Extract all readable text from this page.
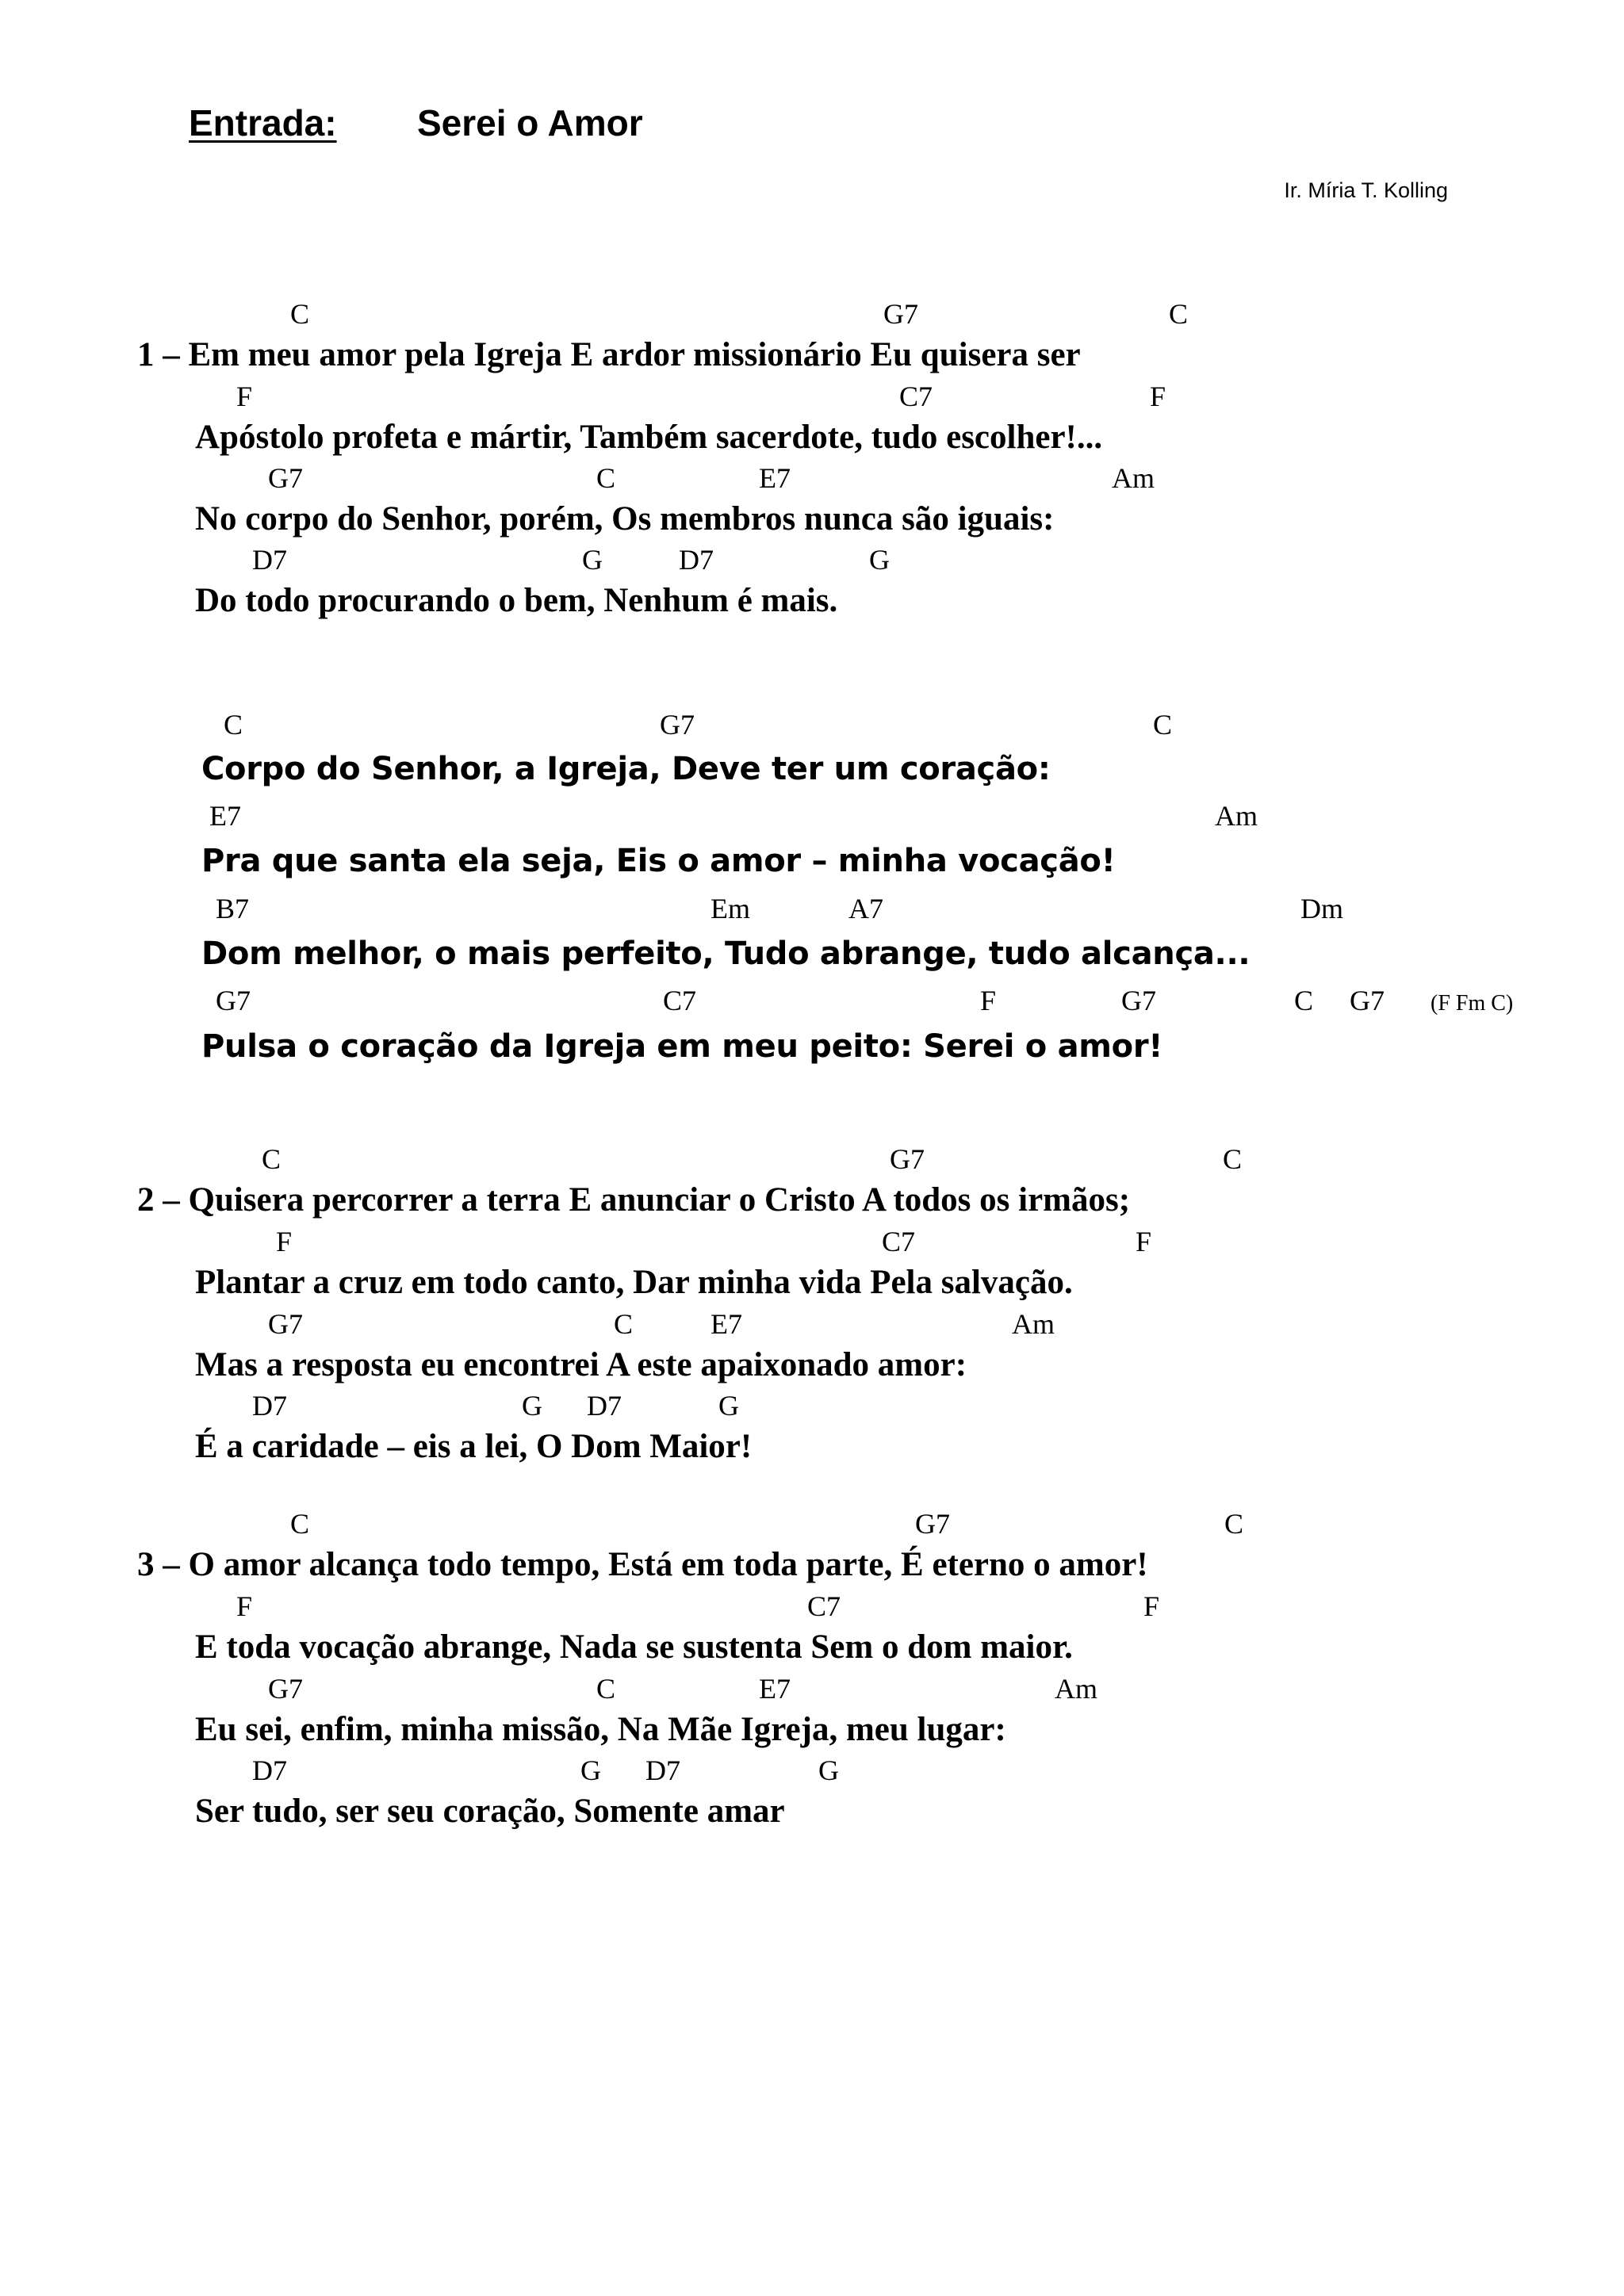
Entrada: Serei o Amor
Ir. Míria T. Kolling
C	G7	C
1 – Em meu amor pela Igreja E ardor missionário Eu quisera ser
F	C7	F
Apóstolo profeta e mártir, Também sacerdote, tudo escolher!...
G7	C	E7	Am
No corpo do Senhor, porém, Os membros nunca são iguais:
D7	G	D7	G
Do todo procurando o bem, Nenhum é mais.
C	G7	C
Corpo do Senhor, a Igreja, Deve ter um coração:
E7	Am
Pra que santa ela seja, Eis o amor – minha vocação!
B7	Em	A7	Dm
Dom melhor, o mais perfeito, Tudo abrange, tudo alcança...
G7	C7	F	G7	C G7 (F Fm C)
Pulsa o coração da Igreja em meu peito: Serei o amor!
C	G7	C
2 – Quisera percorrer a terra E anunciar o Cristo A todos os irmãos;
F	C7	F
Plantar a cruz em todo canto, Dar minha vida Pela salvação.
G7	C	E7	Am
Mas a resposta eu encontrei A este apaixonado amor:
D7	G D7	G
É a caridade – eis a lei, O Dom Maior!
C	G7	C
3 – O amor alcança todo tempo, Está em toda parte, É eterno o amor!
F	C7	F
E toda vocação abrange, Nada se sustenta Sem o dom maior.
G7	C	E7	Am
Eu sei, enfim, minha missão, Na Mãe Igreja, meu lugar:
D7	G D7	G
Ser tudo, ser seu coração, Somente amar
